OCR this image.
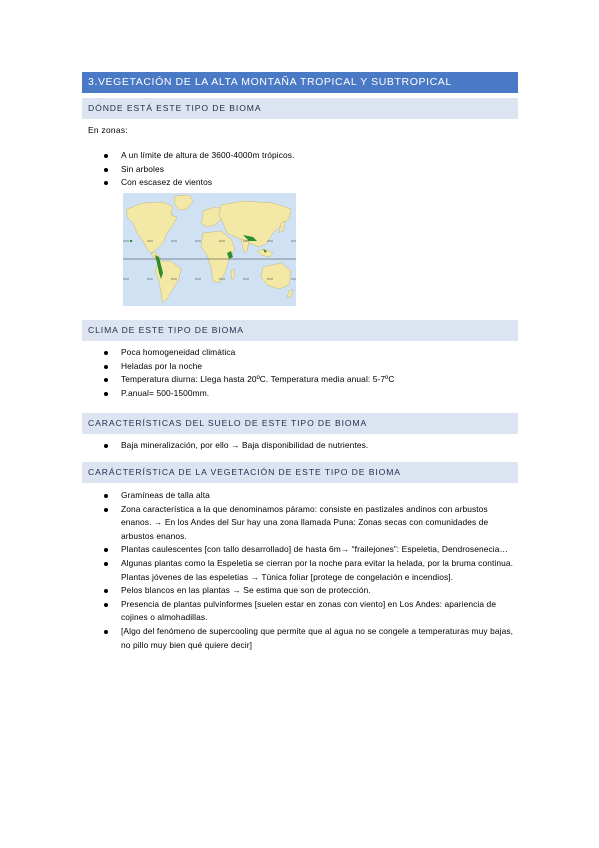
3.VEGETACIÓN DE LA ALTA MONTAÑA TROPICAL Y SUBTROPICAL
DÓNDE ESTÁ ESTE TIPO DE BIOMA
En zonas:
A un límite de altura de 3600-4000m trópicos.
Sin arboles
Con escasez de vientos
CLIMA DE ESTE TIPO DE BIOMA
Poca homogeneidad climática
Heladas por la noche
Temperatura diurna: Llega hasta 20ºC. Temperatura media anual: 5-7ºC
P.anual= 500-1500mm.
CARACTERÍSTICAS DEL SUELO DE ESTE TIPO DE BIOMA
Baja mineralización, por ello → Baja disponibilidad de nutrientes.
CARÁCTERÍSTICA DE LA VEGETACIÓN DE ESTE TIPO DE BIOMA
Gramíneas de talla alta
Zona característica a la que denominamos páramo: consiste en pastizales andinos con arbustos enanos. → En los Andes del Sur hay una zona llamada Puna: Zonas secas con comunidades de arbustos enanos.
Plantas caulescentes [con tallo desarrollado] de hasta 6m→ “frailejones”: Espeletia, Dendrosenecia…
Algunas plantas como la Espeletia se cierran por la noche para evitar la helada, por la bruma continua. Plantas jóvenes de las espeletias → Túnica foliar [protege de congelación e incendios].
Pelos blancos en las plantas → Se estima que son de protección.
Presencia de plantas pulvinformes [suelen estar en zonas con viento] en Los Andes: apariencia de cojines o almohadillas.
[Algo del fenómeno de supercooling que permite que al agua no se congele a temperaturas muy bajas, no pillo muy bien qué quiere decir]
